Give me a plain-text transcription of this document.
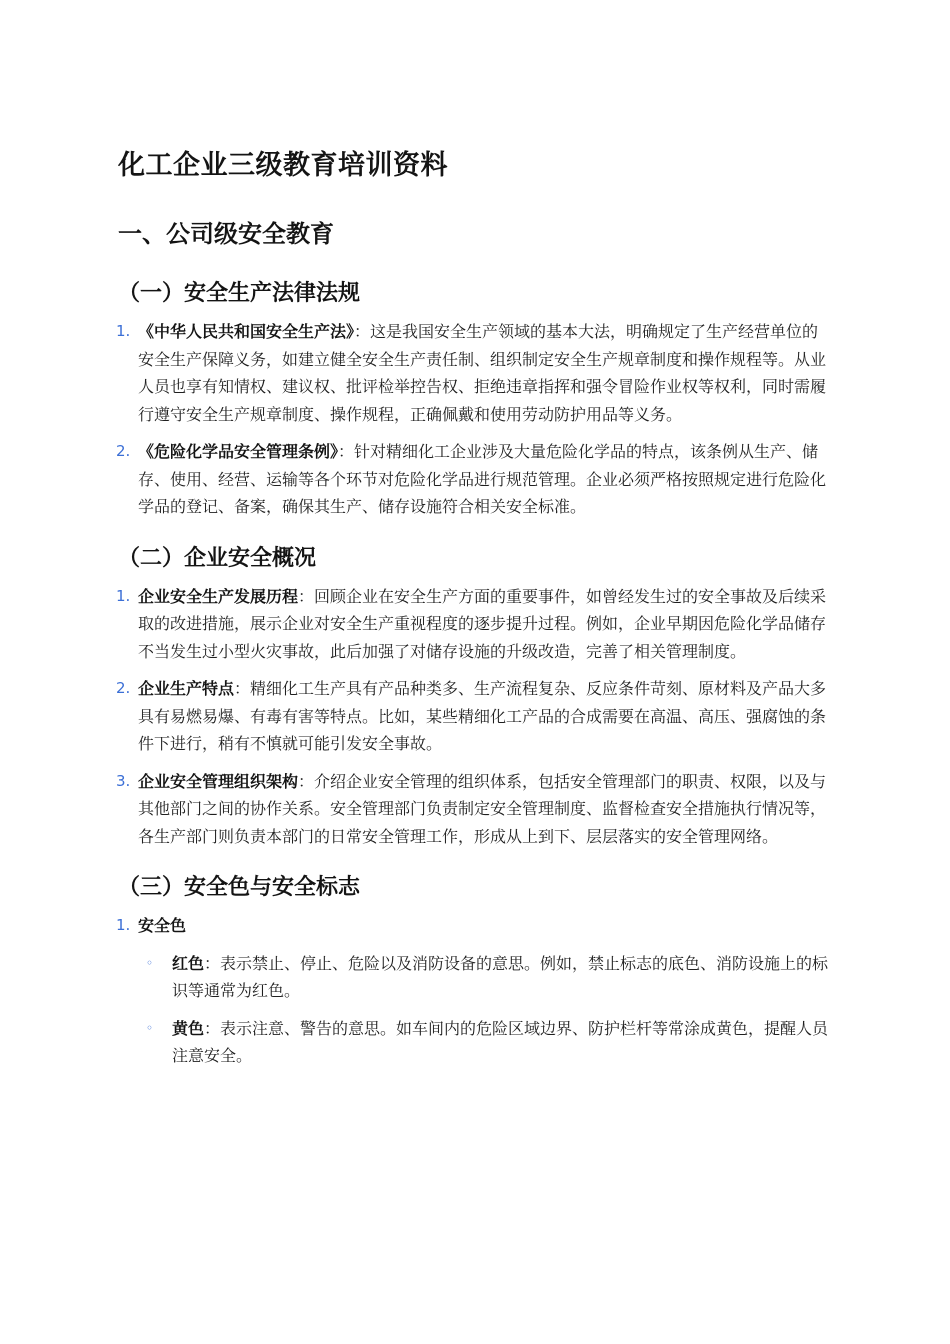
化工企业三级教育培训资料
一、公司级安全教育
（一）安全生产法律法规
1. 《中华人民共和国安全生产法》：这是我国安全生产领域的基本大法，明确规定了生产经营单位的安全生产保障义务，如建立健全安全生产责任制、组织制定安全生产规章制度和操作规程等。从业人员也享有知情权、建议权、批评检举控告权、拒绝违章指挥和强令冒险作业权等权利，同时需履行遵守安全生产规章制度、操作规程，正确佩戴和使用劳动防护用品等义务。
2. 《危险化学品安全管理条例》：针对精细化工企业涉及大量危险化学品的特点，该条例从生产、储存、使用、经营、运输等各个环节对危险化学品进行规范管理。企业必须严格按照规定进行危险化学品的登记、备案，确保其生产、储存设施符合相关安全标准。
（二）企业安全概况
1. 企业安全生产发展历程：回顾企业在安全生产方面的重要事件，如曾经发生过的安全事故及后续采取的改进措施，展示企业对安全生产重视程度的逐步提升过程。例如，企业早期因危险化学品储存不当发生过小型火灾事故，此后加强了对储存设施的升级改造，完善了相关管理制度。
2. 企业生产特点：精细化工生产具有产品种类多、生产流程复杂、反应条件苛刻、原材料及产品大多具有易燃易爆、有毒有害等特点。比如，某些精细化工产品的合成需要在高温、高压、强腐蚀的条件下进行，稍有不慎就可能引发安全事故。
3. 企业安全管理组织架构：介绍企业安全管理的组织体系，包括安全管理部门的职责、权限，以及与其他部门之间的协作关系。安全管理部门负责制定安全管理制度、监督检查安全措施执行情况等，各生产部门则负责本部门的日常安全管理工作，形成从上到下、层层落实的安全管理网络。
（三）安全色与安全标志
1. 安全色
◦ 红色：表示禁止、停止、危险以及消防设备的意思。例如，禁止标志的底色、消防设施上的标识等通常为红色。
◦ 黄色：表示注意、警告的意思。如车间内的危险区域边界、防护栏杆等常涂成黄色，提醒人员注意安全。
